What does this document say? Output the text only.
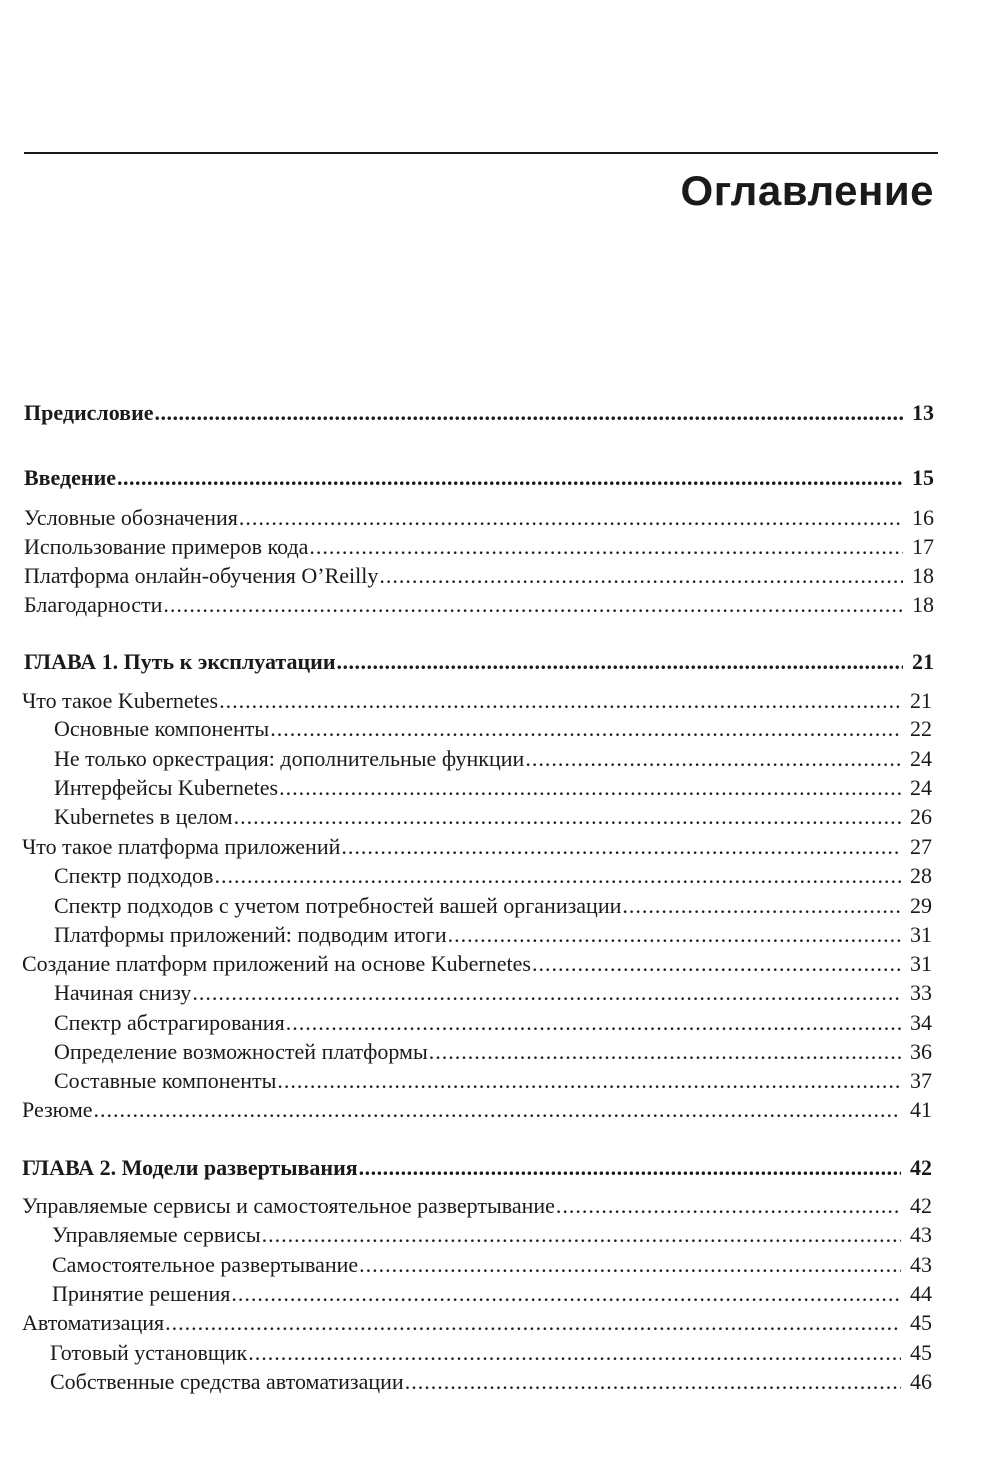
Оглавление
Предисловие .....	13
Введение .....	15
Условные обозначения .....	16
Использование примеров кода .....	17
Платформа онлайн-обучения O’Reilly .....	18
Благодарности .....	18
ГЛАВА 1. Путь к эксплуатации .....	21
Что такое Kubernetes .....	21
Основные компоненты .....	22
Не только оркестрация: дополнительные функции .....	24
Интерфейсы Kubernetes .....	24
Kubernetes в целом .....	26
Что такое платформа приложений .....	27
Спектр подходов .....	28
Спектр подходов с учетом потребностей вашей организации .....	29
Платформы приложений: подводим итоги .....	31
Создание платформ приложений на основе Kubernetes .....	31
Начиная снизу .....	33
Спектр абстрагирования .....	34
Определение возможностей платформы .....	36
Составные компоненты .....	37
Резюме .....	41
ГЛАВА 2. Модели развертывания .....	42
Управляемые сервисы и самостоятельное развертывание .....	42
Управляемые сервисы .....	43
Самостоятельное развертывание .....	43
Принятие решения .....	44
Автоматизация .....	45
Готовый установщик .....	45
Собственные средства автоматизации .....	46
